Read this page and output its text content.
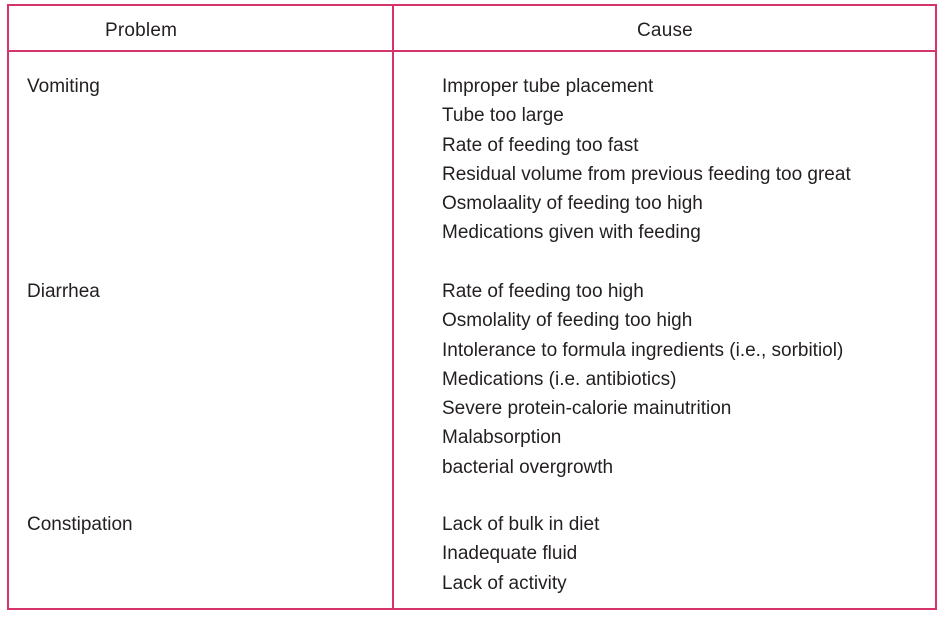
Problem	Cause
Vomiting	Improper tube placement
Tube too large
Rate of feeding too fast
Residual volume from previous feeding too great
Osmolaality of feeding too high
Medications given with feeding
Diarrhea	Rate of feeding too high
Osmolality of feeding too high
Intolerance to formula ingredients (i.e., sorbitiol)
Medications (i.e. antibiotics)
Severe protein-calorie mainutrition
Malabsorption
bacterial overgrowth
Constipation	Lack of bulk in diet
Inadequate fluid
Lack of activity
